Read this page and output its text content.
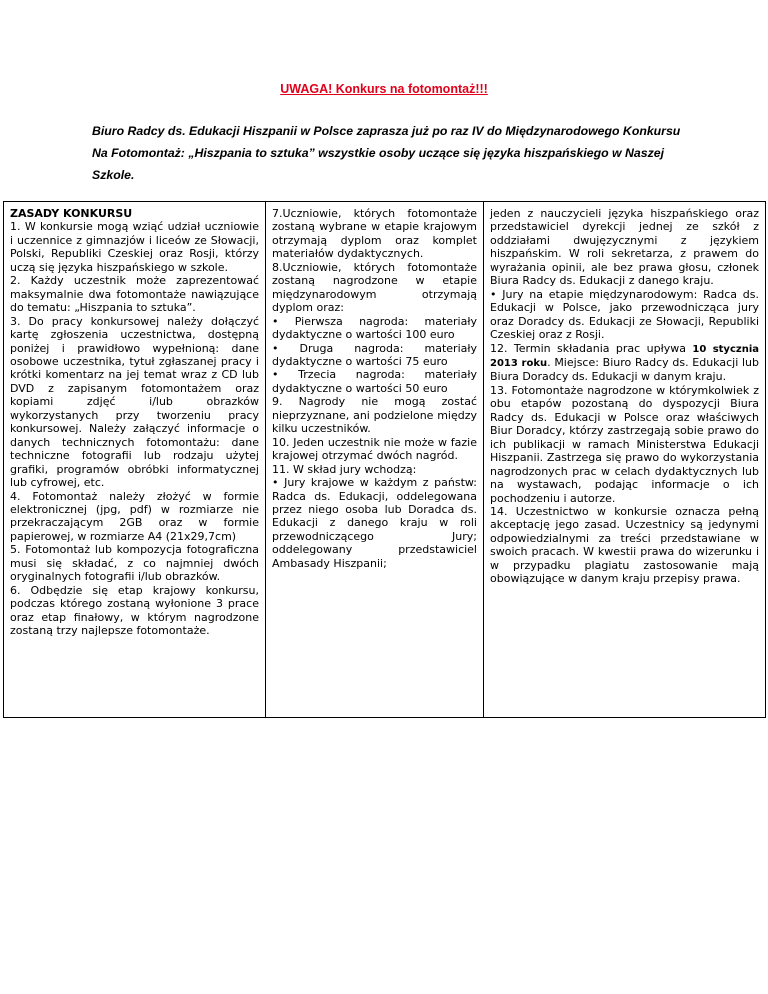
UWAGA! Konkurs na fotomontaż!!!

Biuro Radcy ds. Edukacji Hiszpanii w Polsce zaprasza już po raz IV do Międzynarodowego Konkursu

Na Fotomontaż: „Hiszpania to sztuka” wszystkie osoby uczące się języka hiszpańskiego w Naszej

Szkole.

ZASADY KONKURSU

1. W konkursie mogą wziąć udział uczniowie i uczennice z gimnazjów i liceów ze Słowacji, Polski, Republiki Czeskiej oraz Rosji, którzy uczą się języka hiszpańskiego w szkole.

2. Każdy uczestnik może zaprezentować maksymalnie dwa fotomontaże nawiązujące do tematu: „Hiszpania to sztuka”.

3. Do pracy konkursowej należy dołączyć kartę zgłoszenia uczestnictwa, dostępną poniżej i prawidłowo wypełnioną: dane osobowe uczestnika, tytuł zgłaszanej pracy i krótki komentarz na jej temat wraz z CD lub DVD z zapisanym fotomontażem oraz kopiami zdjęć i/lub obrazków wykorzystanych przy tworzeniu pracy konkursowej. Należy załączyć informacje o danych technicznych fotomontażu: dane techniczne fotografii lub rodzaju użytej grafiki, programów obróbki informatycznej lub cyfrowej, etc.

4. Fotomontaż należy złożyć w formie elektronicznej (jpg, pdf) w rozmiarze nie przekraczającym 2GB oraz w formie papierowej, w rozmiarze A4 (21x29,7cm)

5. Fotomontaż lub kompozycja fotograficzna musi się składać, z co najmniej dwóch oryginalnych fotografii i/lub obrazków.

6. Odbędzie się etap krajowy konkursu, podczas którego zostaną wyłonione 3 prace oraz etap finałowy, w którym nagrodzone zostaną trzy najlepsze fotomontaże.

7.Uczniowie, których fotomontaże zostaną wybrane w etapie krajowym otrzymają dyplom oraz komplet materiałów dydaktycznych.

8.Uczniowie, których fotomontaże zostaną nagrodzone w etapie międzynarodowym otrzymają dyplom oraz:

• Pierwsza nagroda: materiały dydaktyczne o wartości 100 euro

• Druga nagroda: materiały dydaktyczne o wartości 75 euro

• Trzecia nagroda: materiały dydaktyczne o wartości 50 euro

9. Nagrody nie mogą zostać nieprzyznane, ani podzielone między kilku uczestników.

10. Jeden uczestnik nie może w fazie krajowej otrzymać dwóch nagród.

11. W skład jury wchodzą:

• Jury krajowe w każdym z państw: Radca ds. Edukacji, oddelegowana przez niego osoba lub Doradca ds. Edukacji z danego kraju w roli przewodniczącego Jury; oddelegowany przedstawiciel Ambasady Hiszpanii;

jeden z nauczycieli języka hiszpańskiego oraz przedstawiciel dyrekcji jednej ze szkół z oddziałami dwujęzycznymi z językiem hiszpańskim. W roli sekretarza, z prawem do wyrażania opinii, ale bez prawa głosu, członek Biura Radcy ds. Edukacji z danego kraju.

• Jury na etapie międzynarodowym: Radca ds. Edukacji w Polsce, jako przewodnicząca jury oraz Doradcy ds. Edukacji ze Słowacji, Republiki Czeskiej oraz z Rosji.

12. Termin składania prac upływa 10 stycznia 2013 roku. Miejsce: Biuro Radcy ds. Edukacji lub Biura Doradcy ds. Edukacji w danym kraju.

13. Fotomontaże nagrodzone w którymkolwiek z obu etapów pozostaną do dyspozycji Biura Radcy ds. Edukacji w Polsce oraz właściwych Biur Doradcy, którzy zastrzegają sobie prawo do ich publikacji w ramach Ministerstwa Edukacji Hiszpanii. Zastrzega się prawo do wykorzystania nagrodzonych prac w celach dydaktycznych lub na wystawach, podając informacje o ich pochodzeniu i autorze.

14. Uczestnictwo w konkursie oznacza pełną akceptację jego zasad. Uczestnicy są jedynymi odpowiedzialnymi za treści przedstawiane w swoich pracach. W kwestii prawa do wizerunku i w przypadku plagiatu zastosowanie mają obowiązujące w danym kraju przepisy prawa.
